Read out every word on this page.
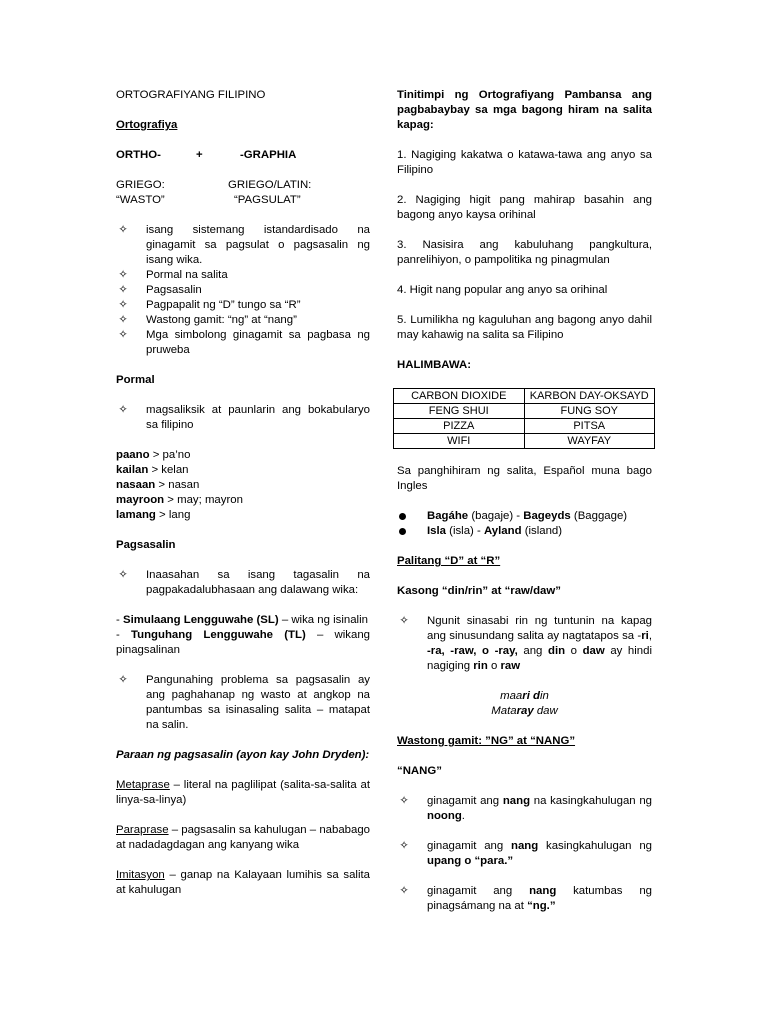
ORTOGRAFIYANG FILIPINO

Ortografiya

ORTHO-	+	-GRAPHIA

GRIEGO:	GRIEGO/LATIN:
“WASTO”	“PAGSULAT”

✧ isang sistemang istandardisado na ginagamit sa pagsulat o pagsasalin ng isang wika.
✧ Pormal na salita
✧ Pagsasalin
✧ Pagpapalit ng “D” tungo sa “R”
✧ Wastong gamit: “ng” at “nang”
✧ Mga simbolong ginagamit sa pagbasa ng pruweba

Pormal

✧ magsaliksik at paunlarin ang bokabularyo sa filipino

paano > pa’no

kailan > kelan

nasaan > nasan

mayroon > may; mayron

lamang > lang

Pagsasalin

✧ Inaasahan sa isang tagasalin na pagpakadalubhasaan ang dalawang wika:

- Simulaang Lengguwahe (SL) – wika ng isinalin

- Tunguhang Lengguwahe (TL) – wikang pinagsalinan

✧ Pangunahing problema sa pagsasalin ay ang paghahanap ng wasto at angkop na pantumbas sa isinasaling salita – matapat na salin.

Paraan ng pagsasalin (ayon kay John Dryden):

Metaprase – literal na paglilipat (salita-sa-salita at linya-sa-linya)

Paraprase – pagsasalin sa kahulugan – nababago at nadadagdagan ang kanyang wika

Imitasyon – ganap na Kalayaan lumihis sa salita at kahulugan

Tinitimpi ng Ortografiyang Pambansa ang pagbabaybay sa mga bagong hiram na salita kapag:

1. Nagiging kakatwa o katawa-tawa ang anyo sa Filipino

2. Nagiging higit pang mahirap basahin ang bagong anyo kaysa orihinal

3. Nasisira ang kabuluhang pangkultura, panrelihiyon, o pampolitika ng pinagmulan

4. Higit nang popular ang anyo sa orihinal

5. Lumilikha ng kaguluhan ang bagong anyo dahil may kahawig na salita sa Filipino

HALIMBAWA:

CARBON DIOXIDE	KARBON DAY-OKSAYD
FENG SHUI	FUNG SOY
PIZZA	PITSA
WIFI	WAYFAY

Sa panghihiram ng salita, Español muna bago Ingles

Bagáhe (bagaje) - Bageyds (Baggage)
Isla (isla) - Ayland (island)

Palitang “D” at “R”

Kasong “din/rin” at “raw/daw”

✧ Ngunit sinasabi rin ng tuntunin na kapag ang sinusundang salita ay nagtatapos sa -ri, -ra, -raw, o -ray, ang din o daw ay hindi nagiging rin o raw

maari din

Mataray daw

Wastong gamit: ”NG” at “NANG”

“NANG”

✧ ginagamit ang nang na kasingkahulugan ng noong.

✧ ginagamit ang nang kasingkahulugan ng upang o “para.”

✧ ginagamit ang nang katumbas ng pinagsámang na at “ng.”
